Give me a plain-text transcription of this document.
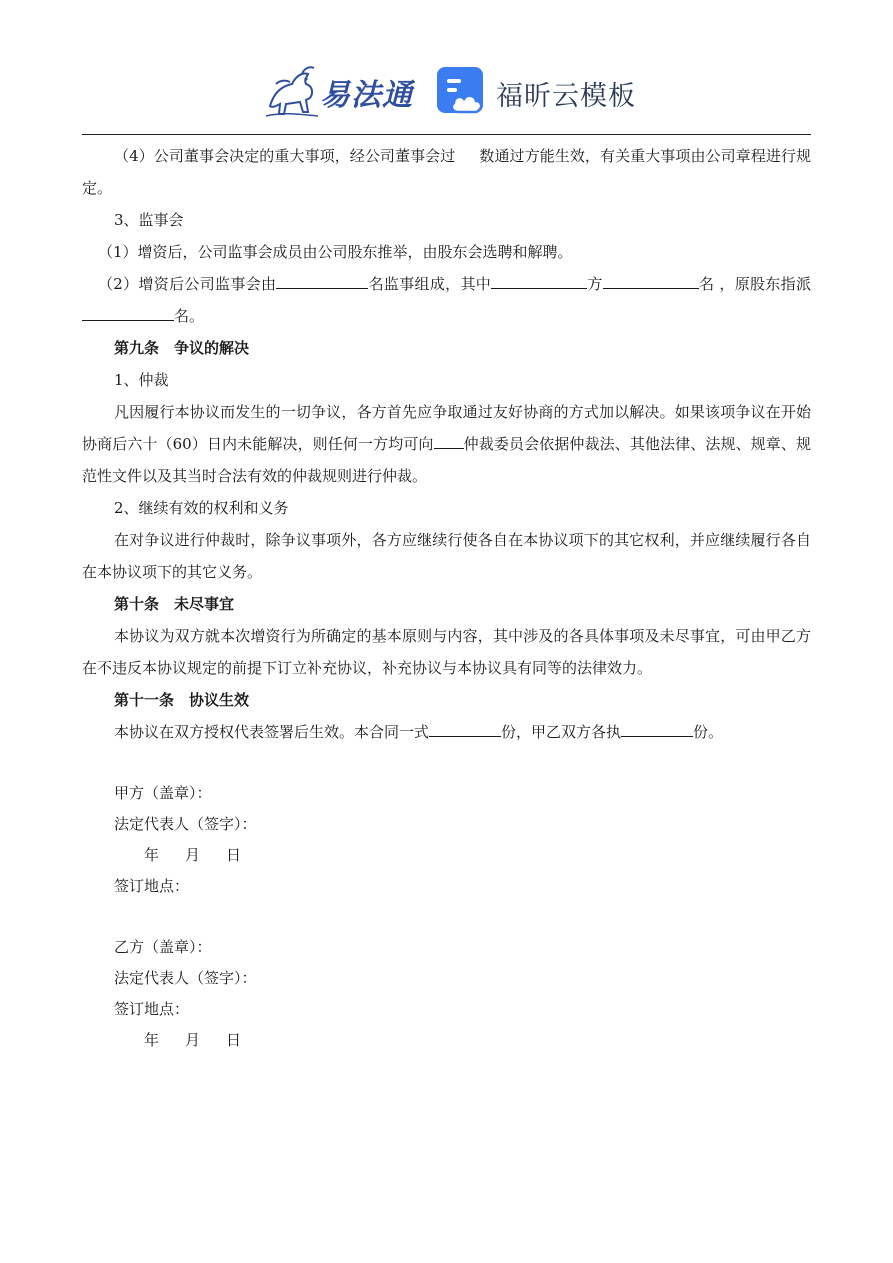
易法通	福昕云模板

（4）公司董事会决定的重大事项，经公司董事会过 数通过方能生效，有关重大事项由公司章程进行规定。

3、监事会

（1）增资后，公司监事会成员由公司股东推举，由股东会选聘和解聘。

（2）增资后公司监事会由	名监事组成，其中	方	名 ，原股东指派名。

第九条　争议的解决

1、仲裁

凡因履行本协议而发生的一切争议，各方首先应争取通过友好协商的方式加以解决。如果该项争议在开始协商后六十（60）日内未能解决，则任何一方均可向 仲裁委员会依据仲裁法、其他法律、法规、规章、规范性文件以及其当时合法有效的仲裁规则进行仲裁。

2、继续有效的权利和义务

在对争议进行仲裁时，除争议事项外，各方应继续行使各自在本协议项下的其它权利，并应继续履行各自在本协议项下的其它义务。

第十条　未尽事宜

本协议为双方就本次增资行为所确定的基本原则与内容，其中涉及的各具体事项及未尽事宜，可由甲乙方在不违反本协议规定的前提下订立补充协议，补充协议与本协议具有同等的法律效力。

第十一条　协议生效

本协议在双方授权代表签署后生效。本合同一式	份，甲乙双方各执	份。

甲方（盖章）：

法定代表人（签字）：

年 月 日

签订地点：

乙方（盖章）：

法定代表人（签字）：

签订地点：

年 月 日
